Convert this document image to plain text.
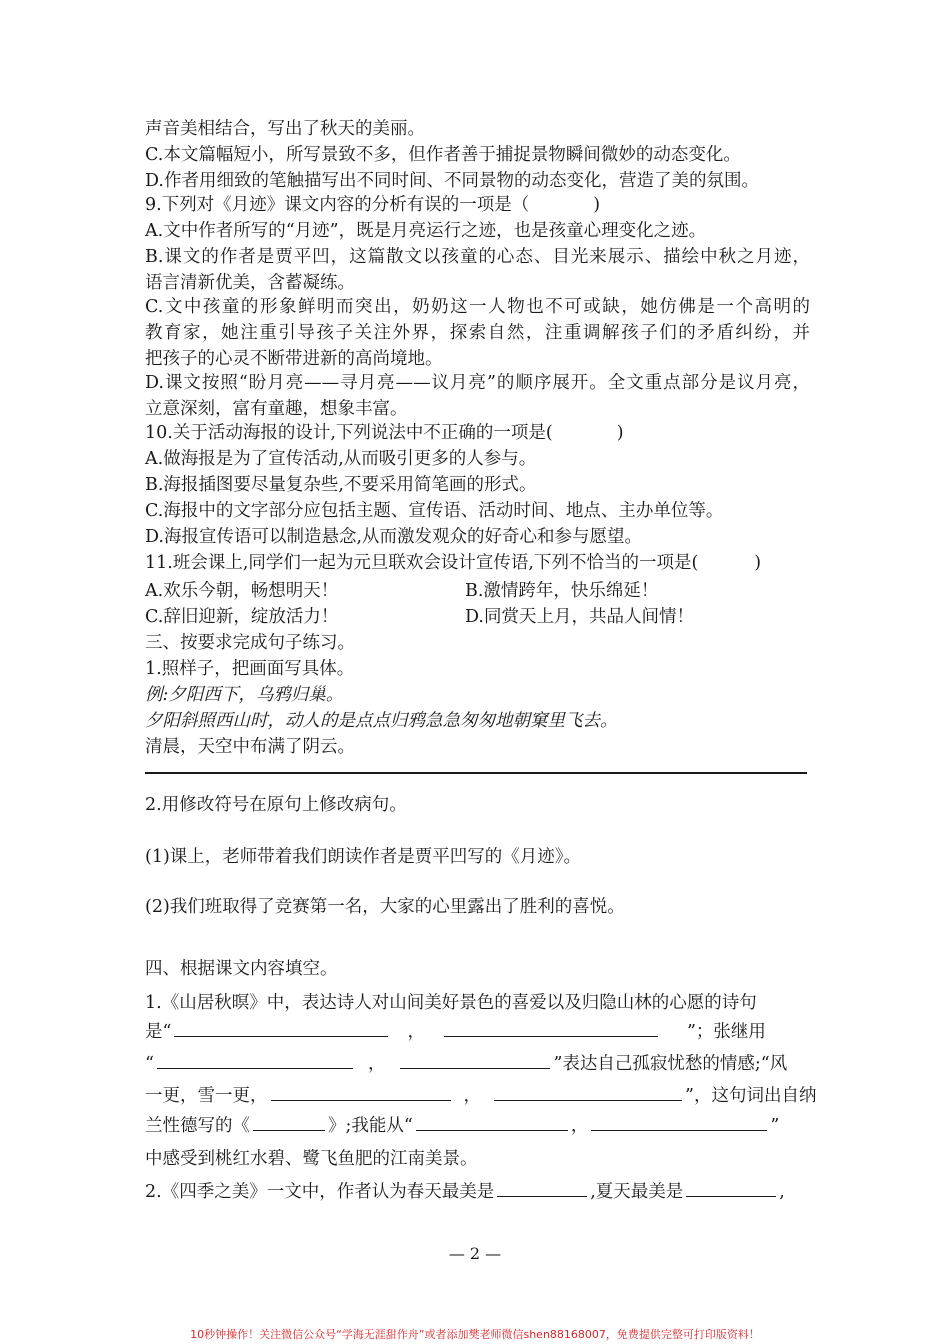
声音美相结合，写出了秋天的美丽。
C.本文篇幅短小，所写景致不多，但作者善于捕捉景物瞬间微妙的动态变化。
D.作者用细致的笔触描写出不同时间、不同景物的动态变化，营造了美的氛围。
9.下列对《月迹》课文内容的分析有误的一项是（	)
A.文中作者所写的“月迹”，既是月亮运行之迹，也是孩童心理变化之迹。
B.课文的作者是贾平凹，这篇散文以孩童的心态、目光来展示、描绘中秋之月迹，
语言清新优美，含蓄凝练。
C.文中孩童的形象鲜明而突出，奶奶这一人物也不可或缺，她仿佛是一个高明的
教育家，她注重引导孩子关注外界，探索自然，注重调解孩子们的矛盾纠纷，并
把孩子的心灵不断带进新的高尚境地。
D.课文按照“盼月亮——寻月亮——议月亮”的顺序展开。全文重点部分是议月亮，
立意深刻，富有童趣，想象丰富。
10.关于活动海报的设计,下列说法中不正确的一项是(	)
A.做海报是为了宣传活动,从而吸引更多的人参与。
B.海报插图要尽量复杂些,不要采用简笔画的形式。
C.海报中的文字部分应包括主题、宣传语、活动时间、地点、主办单位等。
D.海报宣传语可以制造悬念,从而激发观众的好奇心和参与愿望。
11.班会课上,同学们一起为元旦联欢会设计宣传语,下列不恰当的一项是(	)
A.欢乐今朝，畅想明天！	B.激情跨年，快乐绵延！
C.辞旧迎新，绽放活力！	D.同赏天上月，共品人间情！
三、按要求完成句子练习。
1.照样子，把画面写具体。
例:夕阳西下，乌鸦归巢。
夕阳斜照西山时，动人的是点点归鸦急急匆匆地朝窠里飞去。
清晨，天空中布满了阴云。
2.用修改符号在原句上修改病句。
(1)课上，老师带着我们朗读作者是贾平凹写的《月迹》。
(2)我们班取得了竞赛第一名，大家的心里露出了胜利的喜悦。
四、根据课文内容填空。
1.《山居秋暝》中，表达诗人对山间美好景色的喜爱以及归隐山林的心愿的诗句
是“	，	”；张继用
“	，	”表达自己孤寂忧愁的情感;“风
一更，雪一更，	，	”，这句词出自纳
兰性德写的《	》;我能从“	，	”
中感受到桃红水碧、鹭飞鱼肥的江南美景。
2.《四季之美》一文中，作者认为春天最美是	,夏天最美是	,
— 2 —
10秒钟操作！关注微信公众号“学海无涯甜作舟”或者添加樊老师微信shen88168007，免费提供完整可打印版资料！
